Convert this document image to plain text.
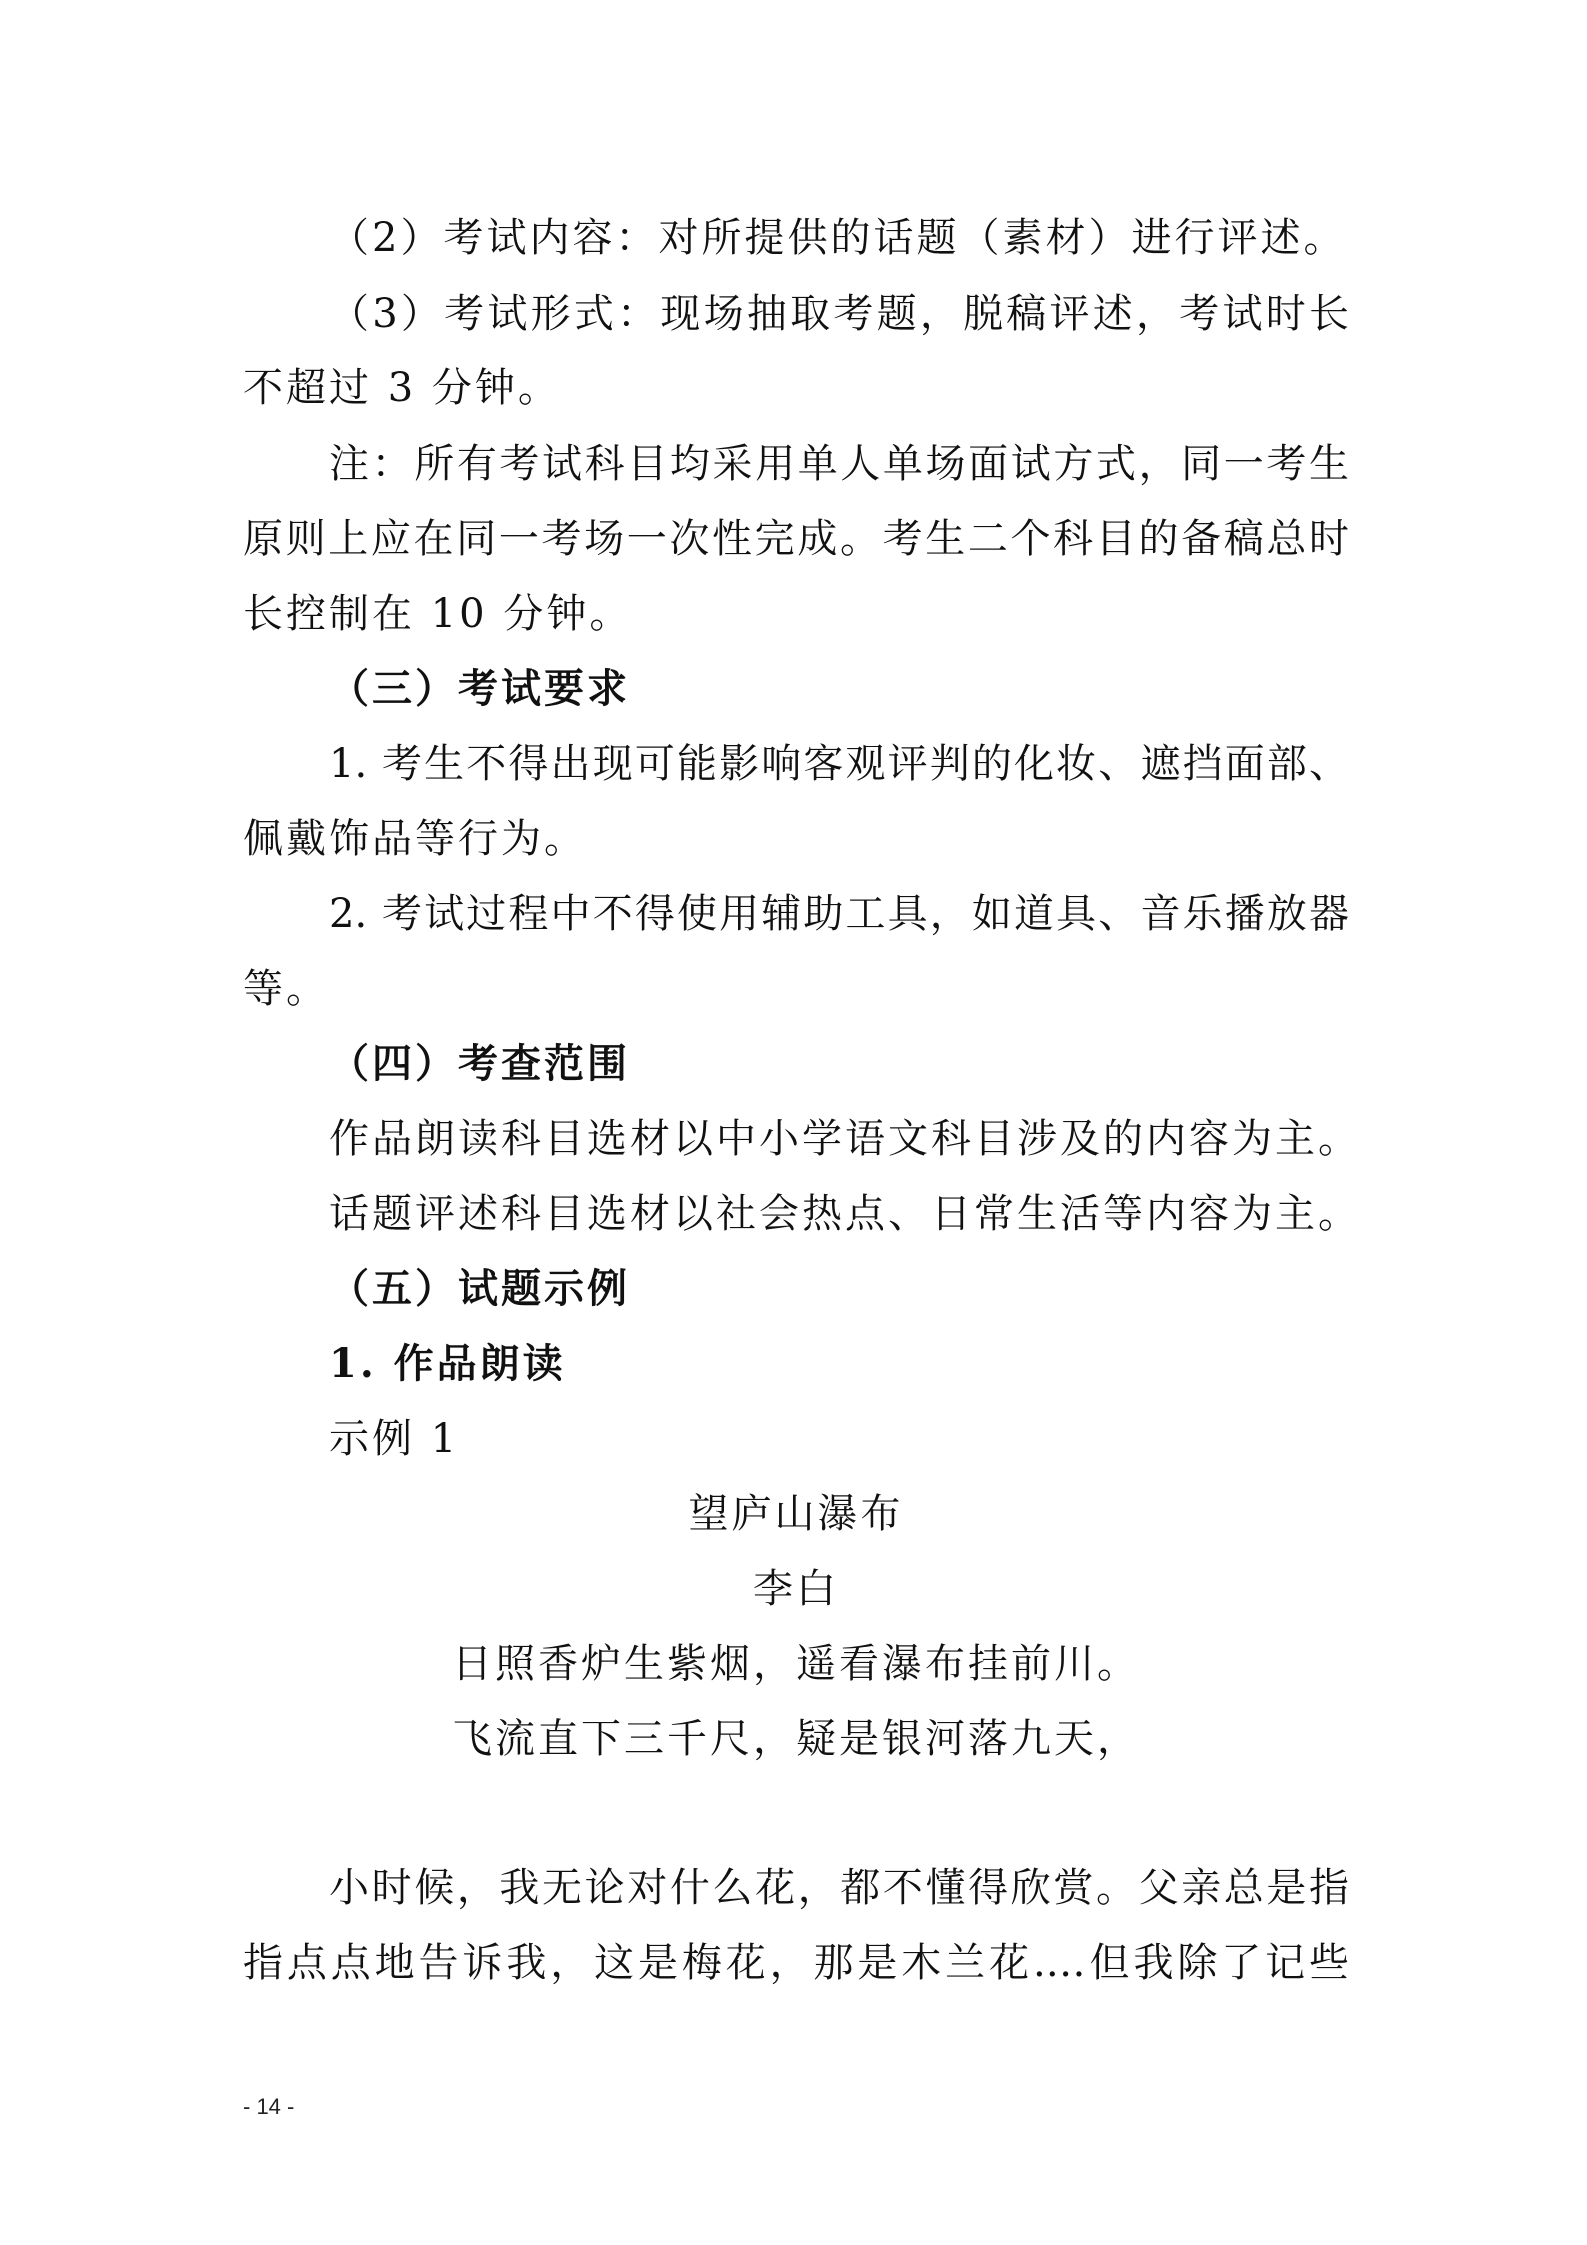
（2）考试内容：对所提供的话题（素材）进行评述。
（3）考试形式：现场抽取考题，脱稿评述，考试时长
不超过 3 分钟。
注：所有考试科目均采用单人单场面试方式，同一考生
原则上应在同一考场一次性完成。考生二个科目的备稿总时
长控制在 10 分钟。
（三）考试要求
1. 考生不得出现可能影响客观评判的化妆、遮挡面部、
佩戴饰品等行为。
2. 考试过程中不得使用辅助工具，如道具、音乐播放器
等。
（四）考查范围
作品朗读科目选材以中小学语文科目涉及的内容为主。
话题评述科目选材以社会热点、日常生活等内容为主。
（五）试题示例
1. 作品朗读
示例 1
望庐山瀑布
李白
日照香炉生紫烟，遥看瀑布挂前川。
飞流直下三千尺，疑是银河落九天，
小时候，我无论对什么花，都不懂得欣赏。父亲总是指
指点点地告诉我，这是梅花，那是木兰花.…但我除了记些
- 14 -
